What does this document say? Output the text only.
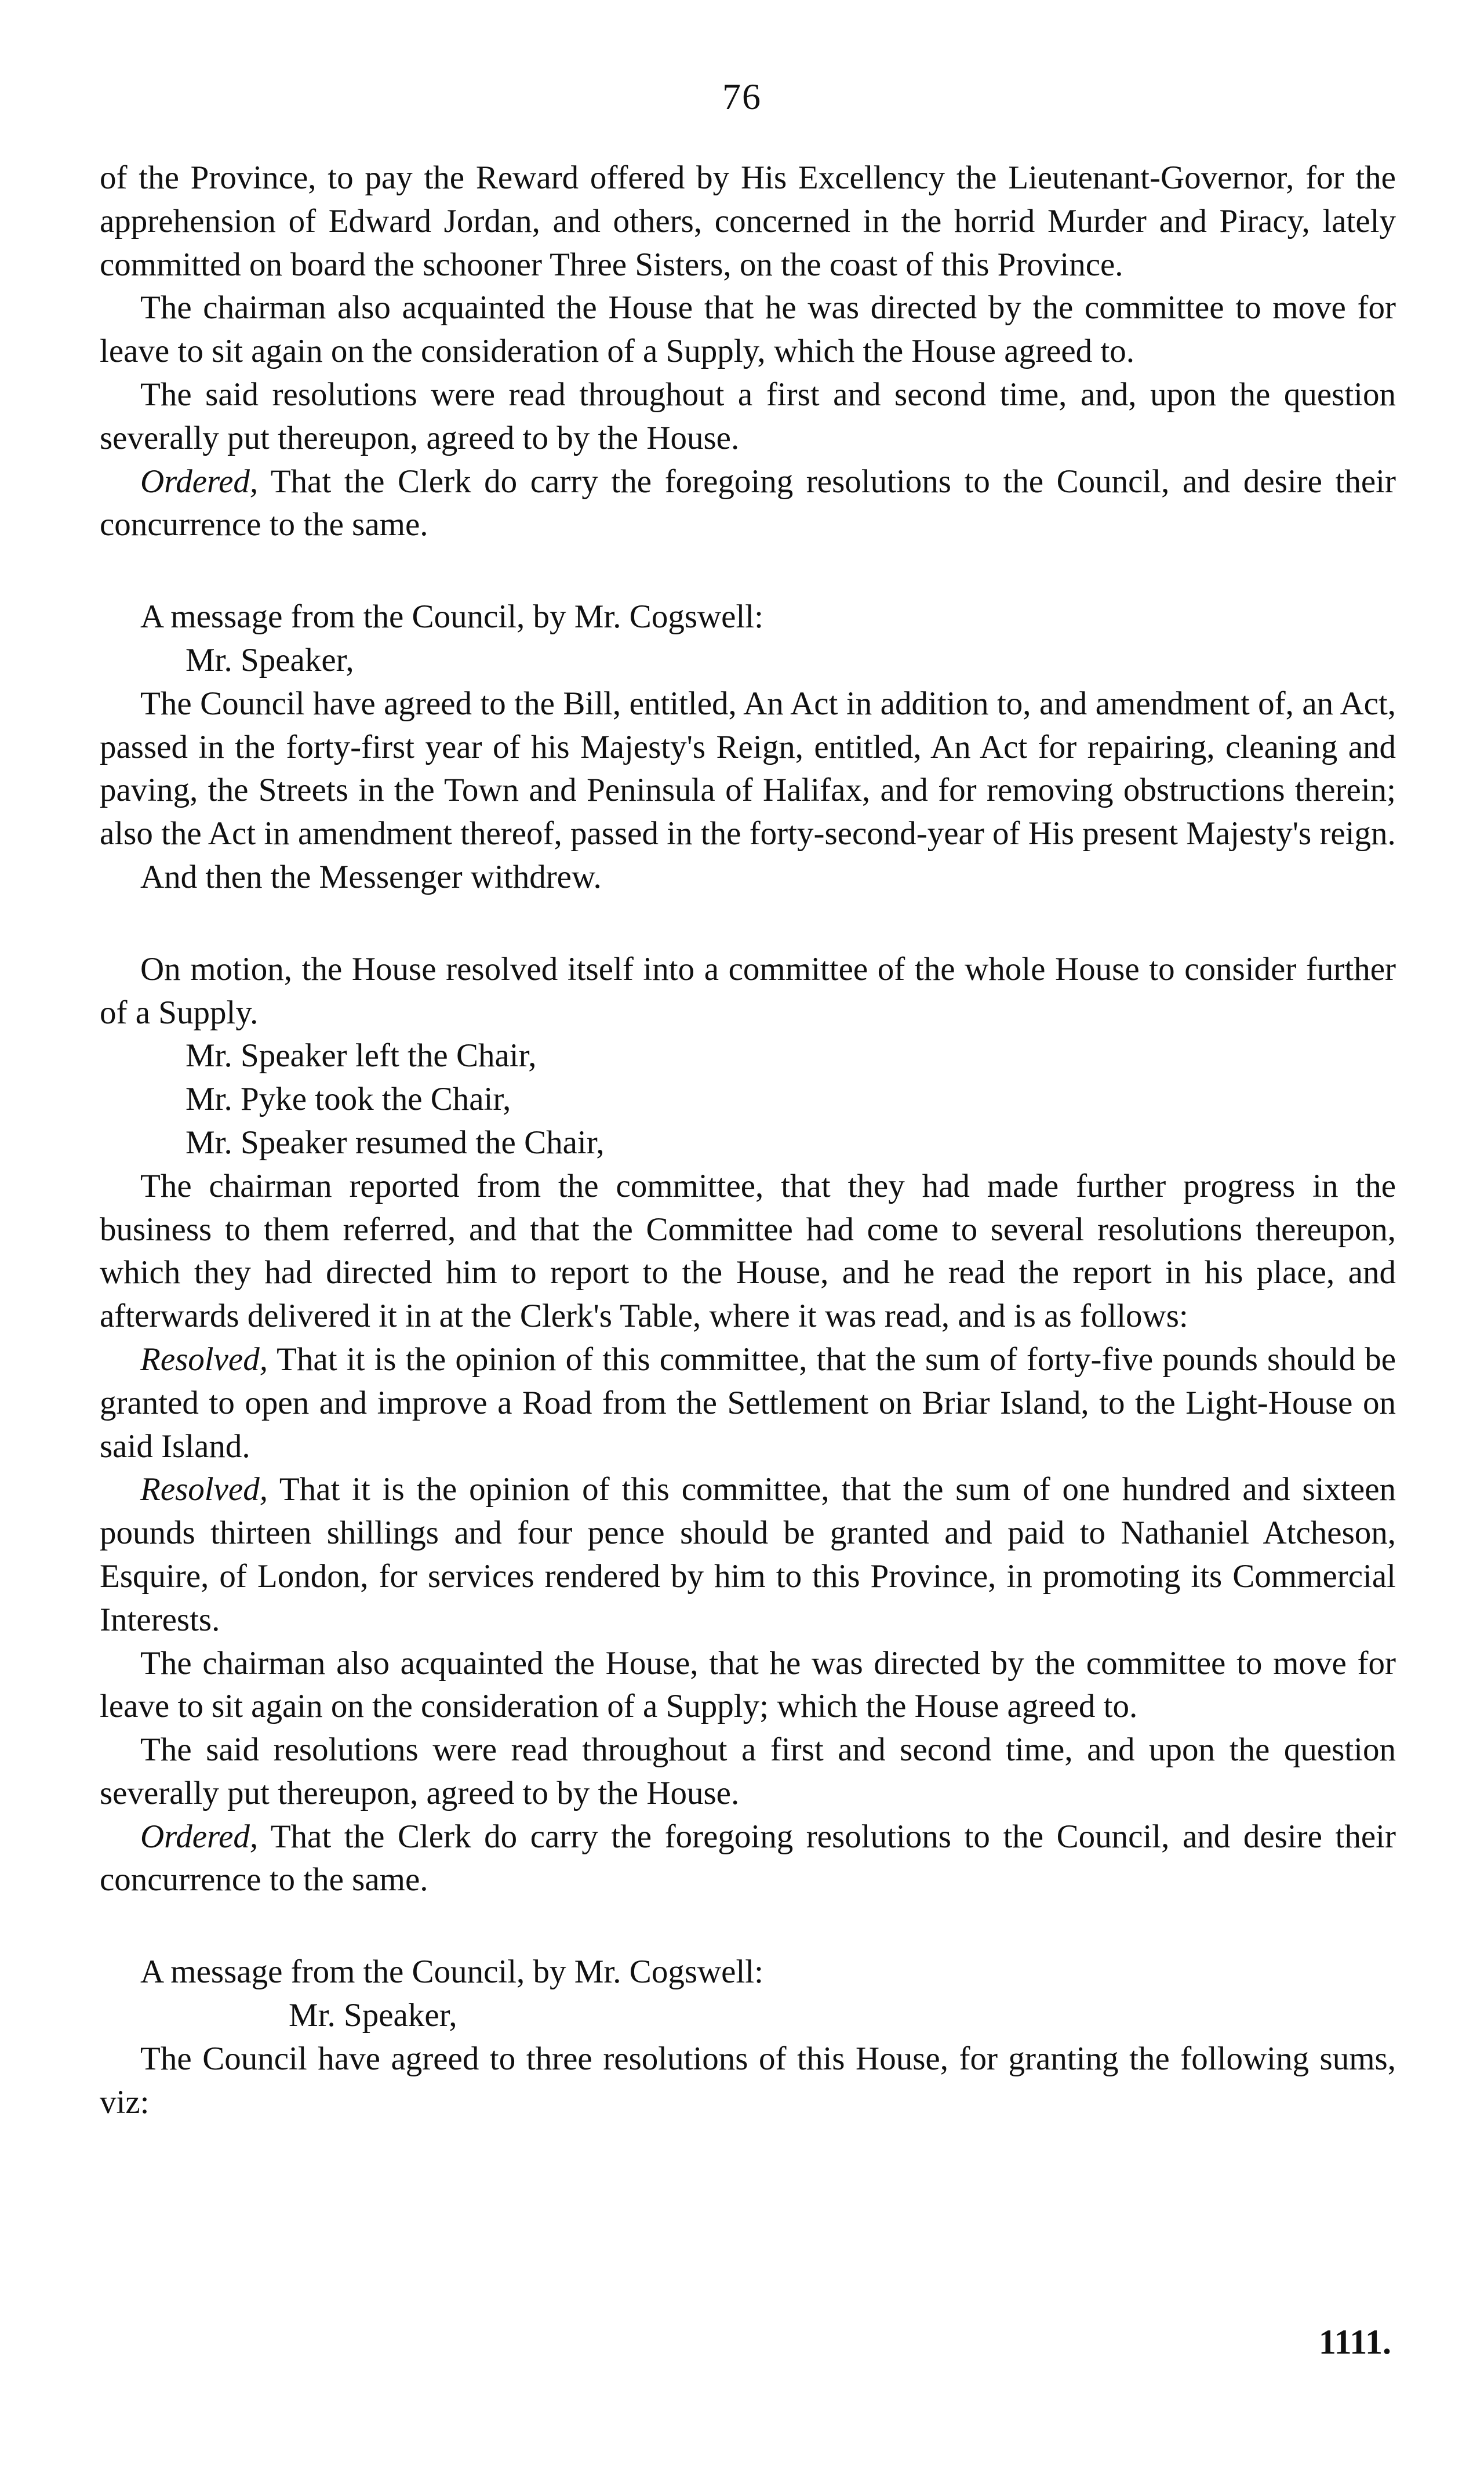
76

of the Province, to pay the Reward offered by His Excellency the Lieutenant-Governor, for the apprehension of Edward Jordan, and others, concerned in the horrid Murder and Piracy, lately committed on board the schooner Three Sisters, on the coast of this Province.

The chairman also acquainted the House that he was directed by the committee to move for leave to sit again on the consideration of a Supply, which the House agreed to.

The said resolutions were read throughout a first and second time, and, upon the question severally put thereupon, agreed to by the House.

Ordered, That the Clerk do carry the foregoing resolutions to the Council, and desire their concurrence to the same.

A message from the Council, by Mr. Cogswell:

Mr. Speaker,

The Council have agreed to the Bill, entitled, An Act in addition to, and amendment of, an Act, passed in the forty-first year of his Majesty's Reign, entitled, An Act for repairing, cleaning and paving, the Streets in the Town and Peninsula of Halifax, and for removing obstructions therein; also the Act in amendment thereof, passed in the forty-second-year of His present Majesty's reign.

And then the Messenger withdrew.

On motion, the House resolved itself into a committee of the whole House to consider further of a Supply.

Mr. Speaker left the Chair,

Mr. Pyke took the Chair,

Mr. Speaker resumed the Chair,

The chairman reported from the committee, that they had made further progress in the business to them referred, and that the Committee had come to several resolutions thereupon, which they had directed him to report to the House, and he read the report in his place, and afterwards delivered it in at the Clerk's Table, where it was read, and is as follows:

Resolved, That it is the opinion of this committee, that the sum of forty-five pounds should be granted to open and improve a Road from the Settlement on Briar Island, to the Light-House on said Island.

Resolved, That it is the opinion of this committee, that the sum of one hundred and sixteen pounds thirteen shillings and four pence should be granted and paid to Nathaniel Atcheson, Esquire, of London, for services rendered by him to this Province, in promoting its Commercial Interests.

The chairman also acquainted the House, that he was directed by the committee to move for leave to sit again on the consideration of a Supply; which the House agreed to.

The said resolutions were read throughout a first and second time, and upon the question severally put thereupon, agreed to by the House.

Ordered, That the Clerk do carry the foregoing resolutions to the Council, and desire their concurrence to the same.

A message from the Council, by Mr. Cogswell:

Mr. Speaker,

The Council have agreed to three resolutions of this House, for granting the following sums, viz:

1111.
